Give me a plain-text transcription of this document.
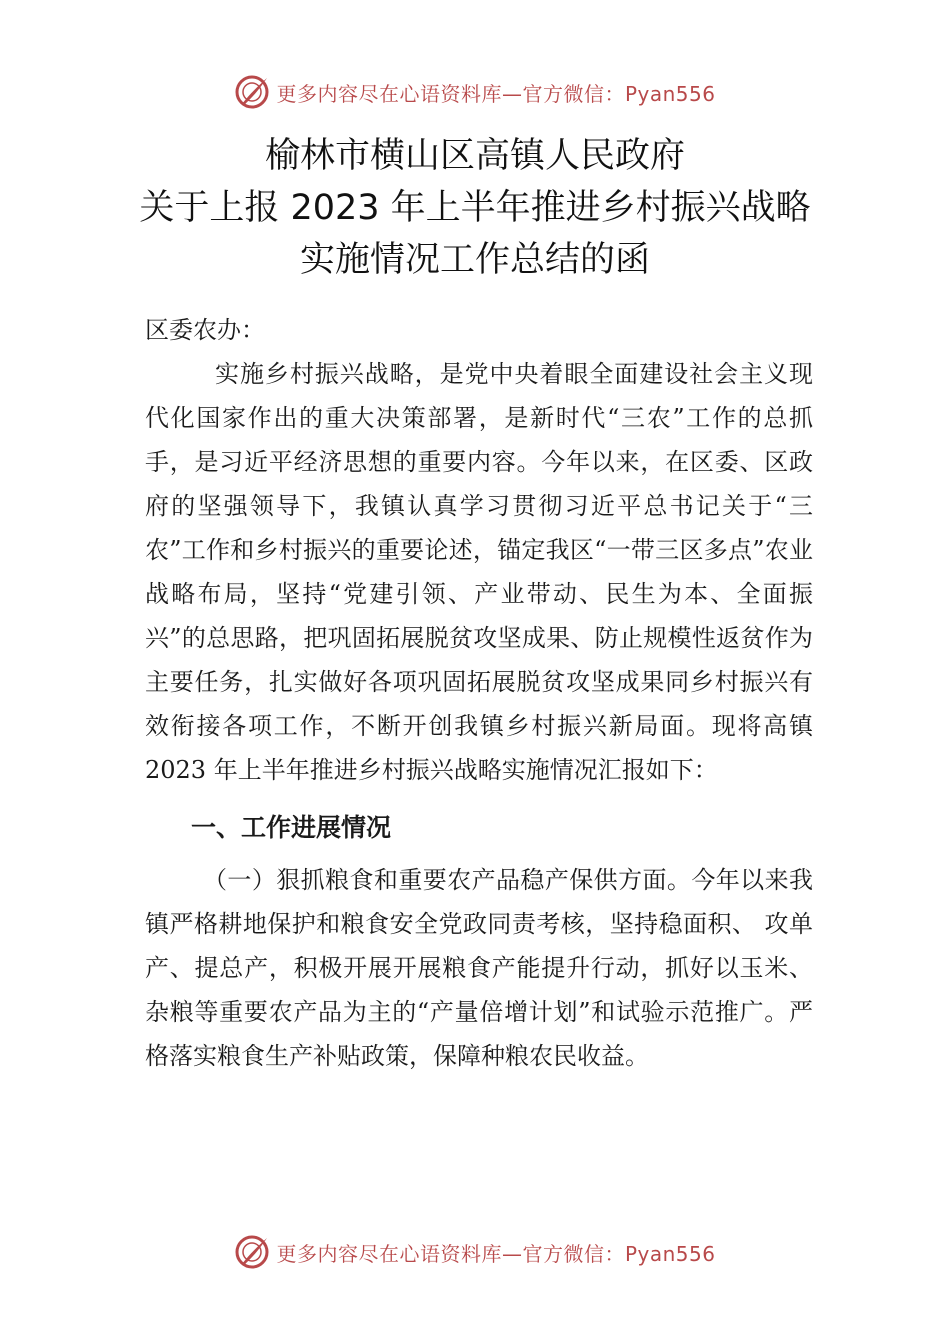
更多内容尽在心语资料库—官方微信：Pyan556
榆林市横山区高镇人民政府
关于上报 2023 年上半年推进乡村振兴战略
实施情况工作总结的函

区委农办：

实施乡村振兴战略，是党中央着眼全面建设社会主义现代化国家作出的重大决策部署，是新时代“三农”工作的总抓手，是习近平经济思想的重要内容。今年以来，在区委、区政府的坚强领导下，我镇认真学习贯彻习近平总书记关于“三农”工作和乡村振兴的重要论述，锚定我区“一带三区多点”农业战略布局，坚持“党建引领、产业带动、民生为本、全面振兴”的总思路，把巩固拓展脱贫攻坚成果、防止规模性返贫作为主要任务，扎实做好各项巩固拓展脱贫攻坚成果同乡村振兴有效衔接各项工作，不断开创我镇乡村振兴新局面。现将高镇 2023 年上半年推进乡村振兴战略实施情况汇报如下：

一、工作进展情况

（一）狠抓粮食和重要农产品稳产保供方面。今年以来我镇严格耕地保护和粮食安全党政同责考核，坚持稳面积、 攻单产、提总产，积极开展开展粮食产能提升行动，抓好以玉米、杂粮等重要农产品为主的“产量倍增计划”和试验示范推广。严格落实粮食生产补贴政策，保障种粮农民收益。

更多内容尽在心语资料库—官方微信：Pyan556
